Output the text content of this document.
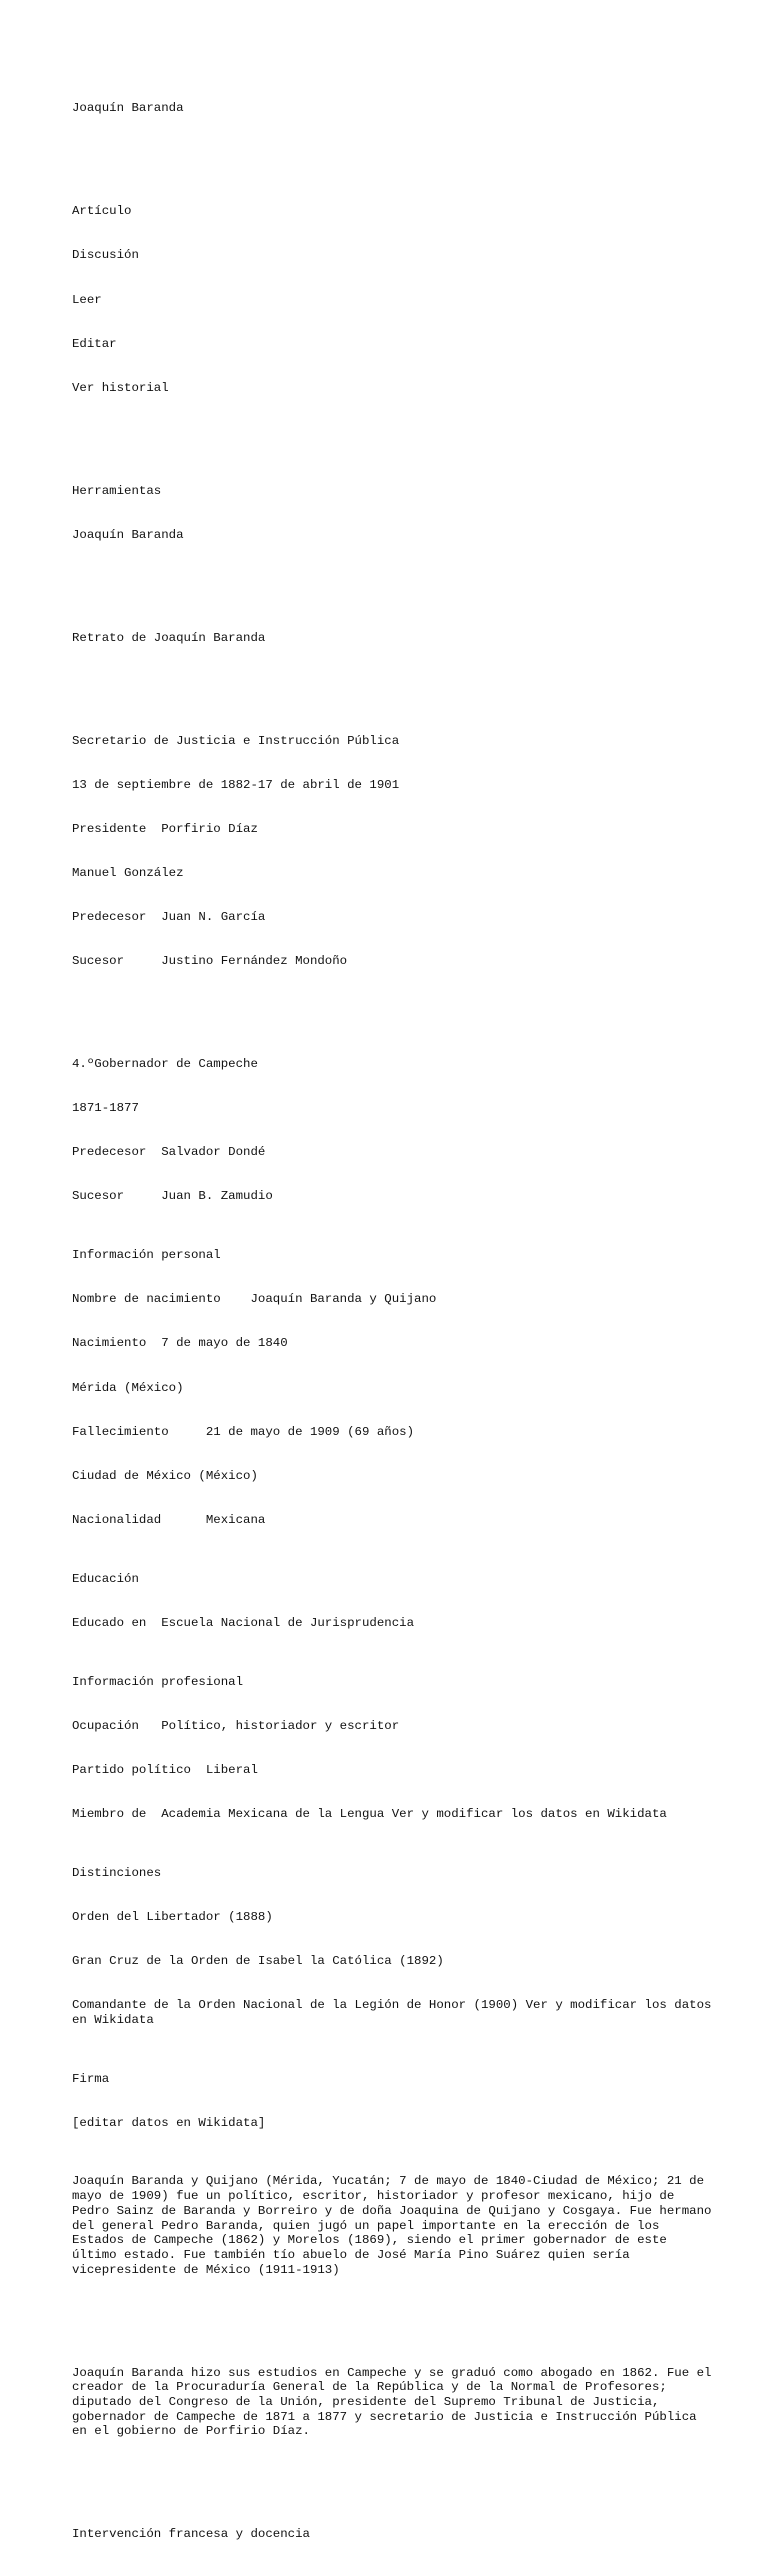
Joaquín Baranda

Artículo

Discusión

Leer

Editar

Ver historial

Herramientas

Joaquín Baranda

Retrato de Joaquín Baranda

Secretario de Justicia e Instrucción Pública

13 de septiembre de 1882-17 de abril de 1901

Presidente  Porfirio Díaz

Manuel González

Predecesor  Juan N. García

Sucesor     Justino Fernández Mondoño

4.ºGobernador de Campeche

1871-1877

Predecesor  Salvador Dondé

Sucesor     Juan B. Zamudio

Información personal

Nombre de nacimiento    Joaquín Baranda y Quijano

Nacimiento  7 de mayo de 1840

Mérida (México)

Fallecimiento     21 de mayo de 1909 (69 años)

Ciudad de México (México)

Nacionalidad      Mexicana

Educación

Educado en  Escuela Nacional de Jurisprudencia

Información profesional

Ocupación   Político, historiador y escritor

Partido político  Liberal

Miembro de  Academia Mexicana de la Lengua Ver y modificar los datos en Wikidata

Distinciones

Orden del Libertador (1888)

Gran Cruz de la Orden de Isabel la Católica (1892)

Comandante de la Orden Nacional de la Legión de Honor (1900) Ver y modificar los datos en Wikidata

Firma

[editar datos en Wikidata]

Joaquín Baranda y Quijano (Mérida, Yucatán; 7 de mayo de 1840-Ciudad de México; 21 de mayo de 1909) fue un político, escritor, historiador y profesor mexicano, hijo de Pedro Sainz de Baranda y Borreiro y de doña Joaquina de Quijano y Cosgaya. Fue hermano del general Pedro Baranda, quien jugó un papel importante en la erección de los Estados de Campeche (1862) y Morelos (1869), siendo el primer gobernador de este último estado. Fue también tío abuelo de José María Pino Suárez quien sería vicepresidente de México (1911-1913)

Joaquín Baranda hizo sus estudios en Campeche y se graduó como abogado en 1862. Fue el creador de la Procuraduría General de la República y de la Normal de Profesores; diputado del Congreso de la Unión, presidente del Supremo Tribunal de Justicia, gobernador de Campeche de 1871 a 1877 y secretario de Justicia e Instrucción Pública en el gobierno de Porfirio Díaz.

Intervención francesa y docencia
